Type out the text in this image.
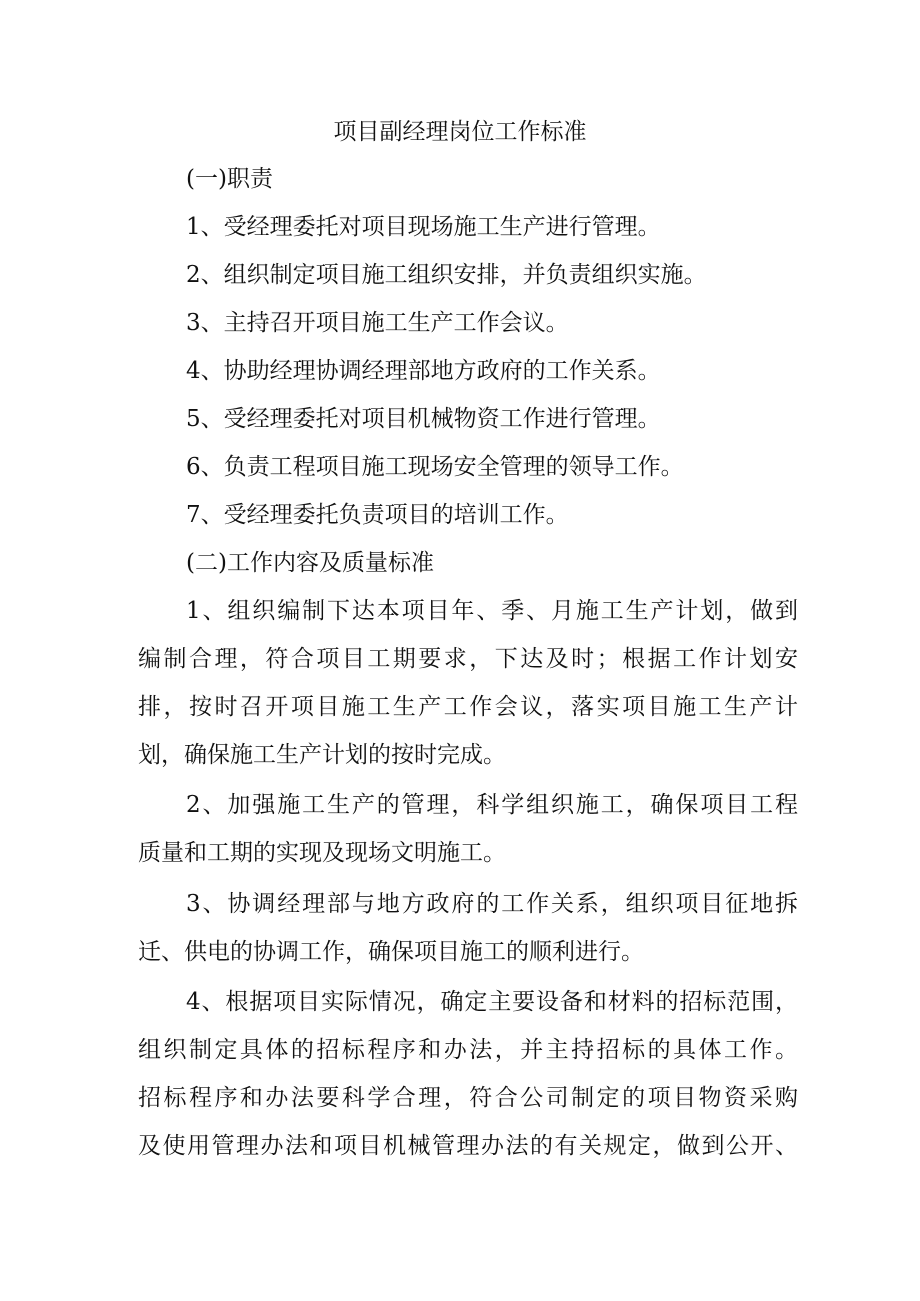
项目副经理岗位工作标准
(一)职责
1、受经理委托对项目现场施工生产进行管理。
2、组织制定项目施工组织安排，并负责组织实施。
3、主持召开项目施工生产工作会议。
4、协助经理协调经理部地方政府的工作关系。
5、受经理委托对项目机械物资工作进行管理。
6、负责工程项目施工现场安全管理的领导工作。
7、受经理委托负责项目的培训工作。
(二)工作内容及质量标准
1、组织编制下达本项目年、季、月施工生产计划，做到
编制合理，符合项目工期要求，下达及时；根据工作计划安
排，按时召开项目施工生产工作会议，落实项目施工生产计
划，确保施工生产计划的按时完成。
2、加强施工生产的管理，科学组织施工，确保项目工程
质量和工期的实现及现场文明施工。
3、协调经理部与地方政府的工作关系，组织项目征地拆
迁、供电的协调工作，确保项目施工的顺利进行。
4、根据项目实际情况，确定主要设备和材料的招标范围，
组织制定具体的招标程序和办法，并主持招标的具体工作。
招标程序和办法要科学合理，符合公司制定的项目物资采购
及使用管理办法和项目机械管理办法的有关规定，做到公开、
